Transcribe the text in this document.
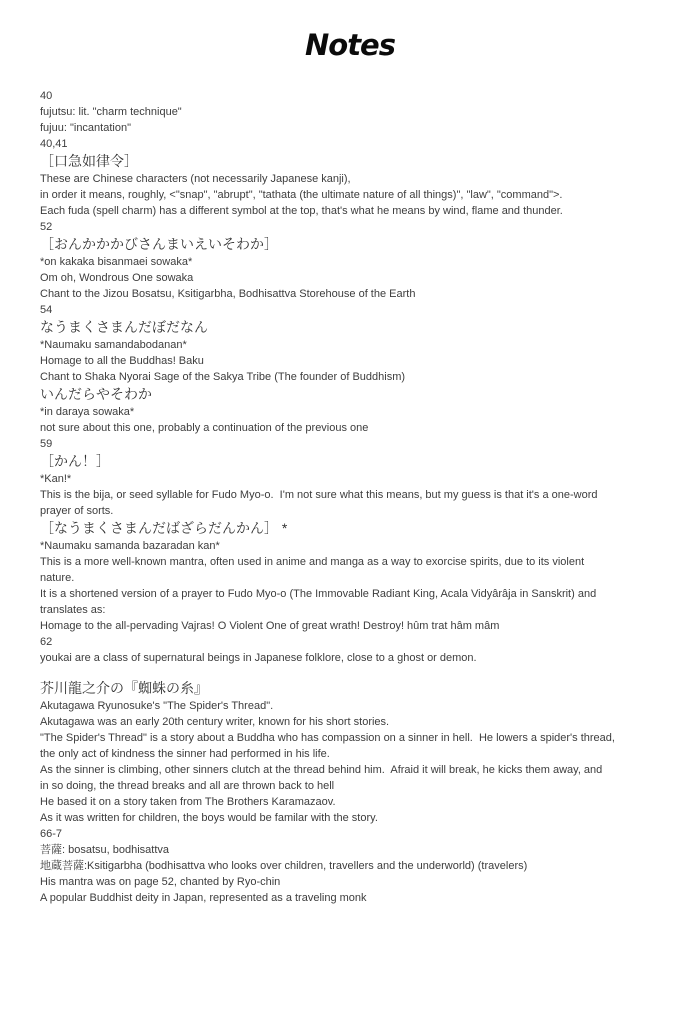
Notes
40
fujutsu: lit. "charm technique"
fujuu: "incantation"
40,41
［口急如律令］
These are Chinese characters (not necessarily Japanese kanji),
in order it means, roughly, <"snap", "abrupt", "tathata (the ultimate nature of all things)", "law", "command">.
Each fuda (spell charm) has a different symbol at the top, that's what he means by wind, flame and thunder.
52
［おんかかかびさんまいえいそわか］
*on kakaka bisanmaei sowaka*
Om oh, Wondrous One sowaka
Chant to the Jizou Bosatsu, Ksitigarbha, Bodhisattva Storehouse of the Earth
54
なうまくさまんだぼだなん
*Naumaku samandabodanan*
Homage to all the Buddhas! Baku
Chant to Shaka Nyorai Sage of the Sakya Tribe (The founder of Buddhism)
いんだらやそわか
*in daraya sowaka*
not sure about this one, probably a continuation of the previous one
59
［かん！］
*Kan!*
This is the bija, or seed syllable for Fudo Myo-o.  I'm not sure what this means, but my guess is that it's a one-word
prayer of sorts.
［なうまくさまんだばざらだんかん］ *
*Naumaku samanda bazaradan kan*
This is a more well-known mantra, often used in anime and manga as a way to exorcise spirits, due to its violent
nature.
It is a shortened version of a prayer to Fudo Myo-o (The Immovable Radiant King, Acala Vidyârâja in Sanskrit) and
translates as:
Homage to the all-pervading Vajras! O Violent One of great wrath! Destroy! hûm trat hâm mâm
62
youkai are a class of supernatural beings in Japanese folklore, close to a ghost or demon.
芥川龍之介の『蜘蛛の糸』
Akutagawa Ryunosuke's "The Spider's Thread".
Akutagawa was an early 20th century writer, known for his short stories.
"The Spider's Thread" is a story about a Buddha who has compassion on a sinner in hell.  He lowers a spider's thread,
the only act of kindness the sinner had performed in his life.
As the sinner is climbing, other sinners clutch at the thread behind him.  Afraid it will break, he kicks them away, and
in so doing, the thread breaks and all are thrown back to hell
He based it on a story taken from The Brothers Karamazaov.
As it was written for children, the boys would be familar with the story.
66-7
菩薩: bosatsu, bodhisattva
地蔵菩薩:Ksitigarbha (bodhisattva who looks over children, travellers and the underworld) (travelers)
His mantra was on page 52, chanted by Ryo-chin
A popular Buddhist deity in Japan, represented as a traveling monk
